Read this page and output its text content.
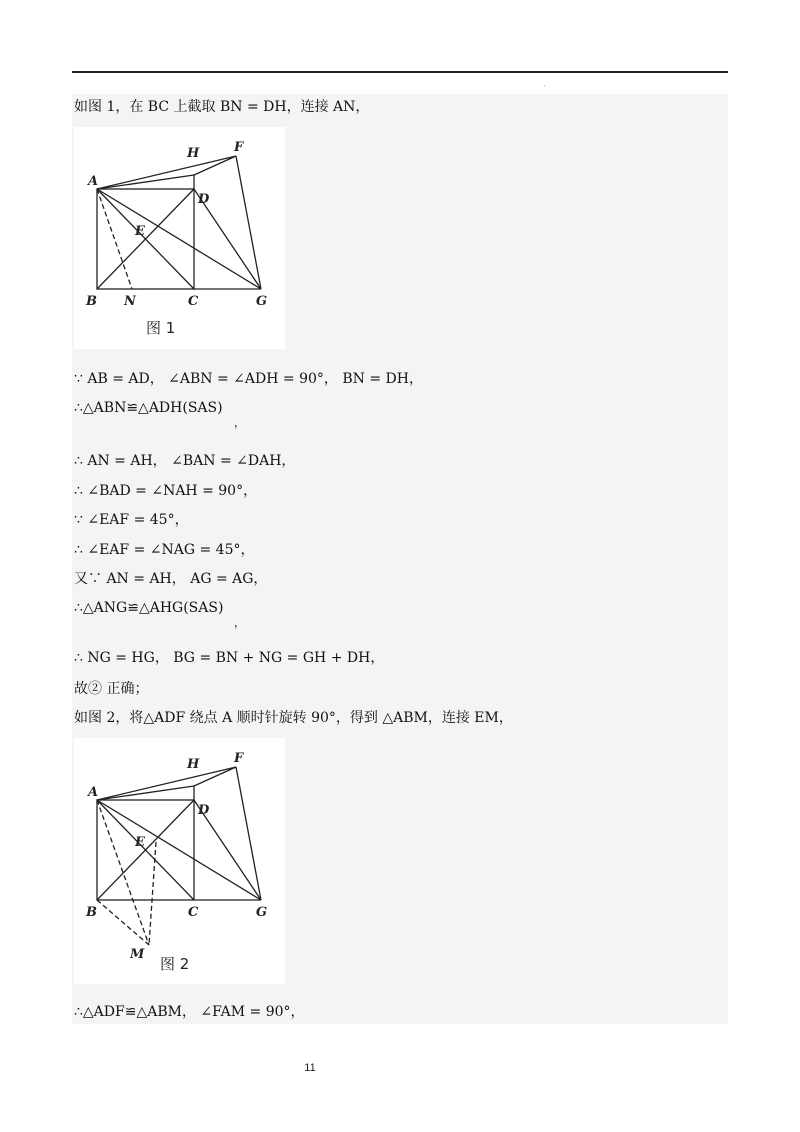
·
如图 1，在 BC 上截取 BN = DH，连接 AN，
A
H	F
D
E
B N	C	G
图 1
∵ AB = AD， ∠ABN = ∠ADH = 90°， BN = DH，
∴△ABN≌△ADH(SAS)
，
∴ AN = AH， ∠BAN = ∠DAH，
∴ ∠BAD = ∠NAH = 90°，
∵ ∠EAF = 45°，
∴ ∠EAF = ∠NAG = 45°，
又∵ AN = AH， AG = AG，
∴△ANG≌△AHG(SAS)
，
∴ NG = HG， BG = BN + NG = GH + DH，
故② 正确；
如图 2，将△ADF 绕点 A 顺时针旋转 90°，得到 △ABM，连接 EM，
A
H	F
D
E
B	C	G
M
图 2
∴△ADF≌△ABM， ∠FAM = 90°，
11
